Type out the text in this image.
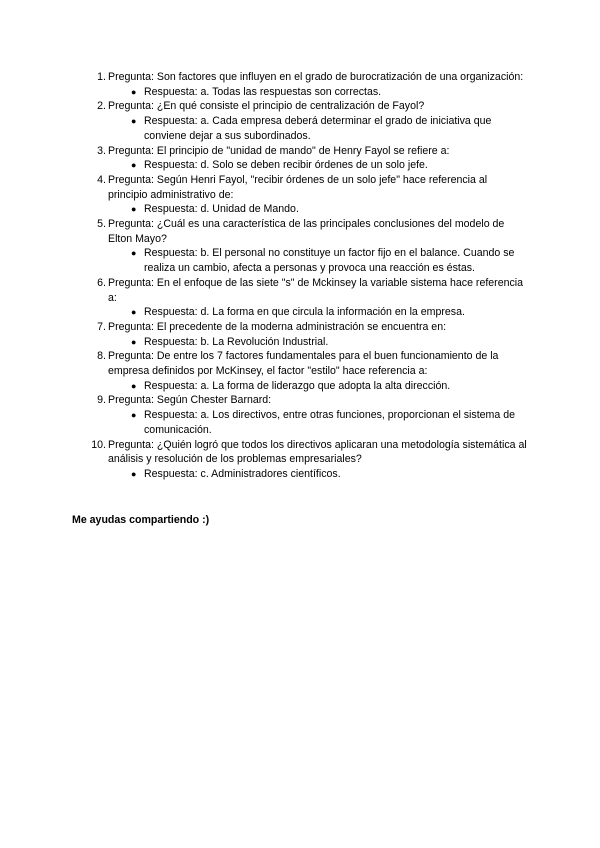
1. Pregunta: Son factores que influyen en el grado de burocratización de una organización:
● Respuesta: a. Todas las respuestas son correctas.
2. Pregunta: ¿En qué consiste el principio de centralización de Fayol?
● Respuesta: a. Cada empresa deberá determinar el grado de iniciativa que conviene dejar a sus subordinados.
3. Pregunta: El principio de "unidad de mando" de Henry Fayol se refiere a:
● Respuesta: d. Solo se deben recibir órdenes de un solo jefe.
4. Pregunta: Según Henri Fayol, "recibir órdenes de un solo jefe" hace referencia al principio administrativo de:
● Respuesta: d. Unidad de Mando.
5. Pregunta: ¿Cuál es una característica de las principales conclusiones del modelo de Elton Mayo?
● Respuesta: b. El personal no constituye un factor fijo en el balance. Cuando se realiza un cambio, afecta a personas y provoca una reacción es éstas.
6. Pregunta: En el enfoque de las siete "s" de Mckinsey la variable sistema hace referencia a:
● Respuesta: d. La forma en que circula la información en la empresa.
7. Pregunta: El precedente de la moderna administración se encuentra en:
● Respuesta: b. La Revolución Industrial.
8. Pregunta: De entre los 7 factores fundamentales para el buen funcionamiento de la empresa definidos por McKinsey, el factor "estilo" hace referencia a:
● Respuesta: a. La forma de liderazgo que adopta la alta dirección.
9. Pregunta: Según Chester Barnard:
● Respuesta: a. Los directivos, entre otras funciones, proporcionan el sistema de comunicación.
10. Pregunta: ¿Quién logró que todos los directivos aplicaran una metodología sistemática al análisis y resolución de los problemas empresariales?
● Respuesta: c. Administradores científicos.

Me ayudas compartiendo :)
